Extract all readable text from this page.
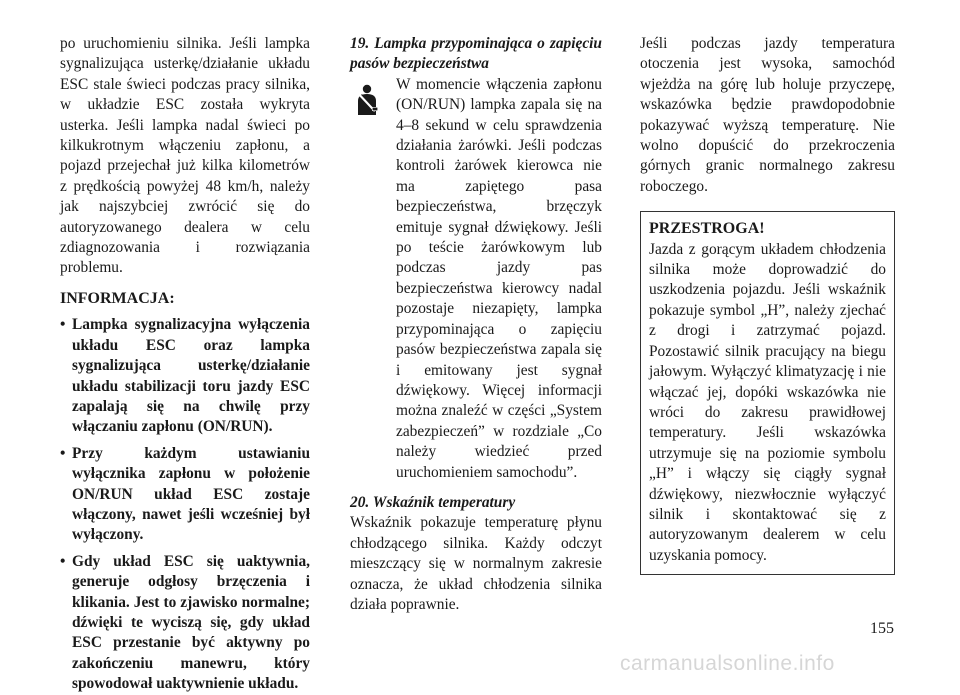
po uruchomieniu silnika. Jeśli lampka sygnalizująca usterkę/działanie układu ESC stale świeci podczas pracy silnika, w układzie ESC została wykryta usterka. Jeśli lampka nadal świeci po kilkukrotnym włączeniu zapłonu, a pojazd przejechał już kilka kilometrów z prędkością powyżej 48 km/h, należy jak najszybciej zwrócić się do autoryzowanego dealera w celu zdiagnozowania i rozwiązania problemu.

INFORMACJA:

• Lampka sygnalizacyjna wyłączenia układu ESC oraz lampka sygnalizująca usterkę/działanie układu stabilizacji toru jazdy ESC zapalają się na chwilę przy włączaniu zapłonu (ON/RUN).
• Przy każdym ustawianiu wyłącznika zapłonu w położenie ON/RUN układ ESC zostaje włączony, nawet jeśli wcześniej był wyłączony.
• Gdy układ ESC się uaktywnia, generuje odgłosy brzęczenia i klikania. Jest to zjawisko normalne; dźwięki te wyciszą się, gdy układ ESC przestanie być aktywny po zakończeniu manewru, który spowodował uaktywnienie układu.

19. Lampka przypominająca o zapięciu pasów bezpieczeństwa

W momencie włączenia zapłonu (ON/RUN) lampka zapala się na 4–8 sekund w celu sprawdzenia działania żarówki. Jeśli podczas kontroli żarówek kierowca nie ma zapiętego pasa bezpieczeństwa, brzęczyk emituje sygnał dźwiękowy. Jeśli po teście żarówkowym lub podczas jazdy pas bezpieczeństwa kierowcy nadal pozostaje niezapięty, lampka przypominająca o zapięciu pasów bezpieczeństwa zapala się i emitowany jest sygnał dźwiękowy. Więcej informacji można znaleźć w części „System zabezpieczeń” w rozdziale „Co należy wiedzieć przed uruchomieniem samochodu”.

20. Wskaźnik temperatury

Wskaźnik pokazuje temperaturę płynu chłodzącego silnika. Każdy odczyt mieszczący się w normalnym zakresie oznacza, że układ chłodzenia silnika działa poprawnie.

Jeśli podczas jazdy temperatura otoczenia jest wysoka, samochód wjeżdża na górę lub holuje przyczepę, wskazówka będzie prawdopodobnie pokazywać wyższą temperaturę. Nie wolno dopuścić do przekroczenia górnych granic normalnego zakresu roboczego.

PRZESTROGA!

Jazda z gorącym układem chłodzenia silnika może doprowadzić do uszkodzenia pojazdu. Jeśli wskaźnik pokazuje symbol „H”, należy zjechać z drogi i zatrzymać pojazd. Pozostawić silnik pracujący na biegu jałowym. Wyłączyć klimatyzację i nie włączać jej, dopóki wskazówka nie wróci do zakresu prawidłowej temperatury. Jeśli wskazówka utrzymuje się na poziomie symbolu „H” i włączy się ciągły sygnał dźwiękowy, niezwłocznie wyłączyć silnik i skontaktować się z autoryzowanym dealerem w celu uzyskania pomocy.

155
carmanualsonline.info
